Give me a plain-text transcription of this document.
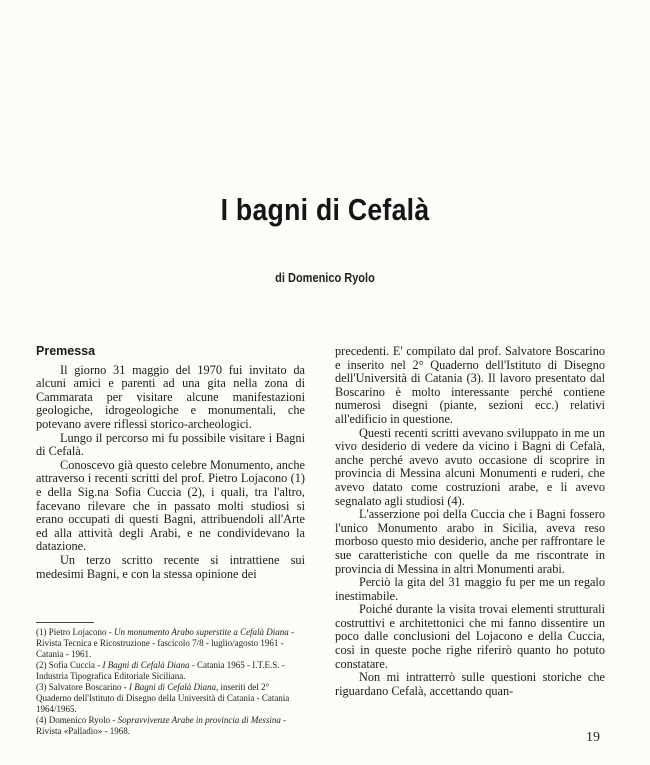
I bagni di Cefalà
di Domenico Ryolo
Premessa

Il giorno 31 maggio del 1970 fui invitato da alcuni amici e parenti ad una gita nella zona di Cammarata per visitare alcune manifestazioni geologiche, idrogeologiche e monumentali, che potevano avere riflessi storico-archeologici.

Lungo il percorso mi fu possibile visitare i Bagni di Cefalà.

Conoscevo già questo celebre Monumento, anche attraverso i recenti scritti del prof. Pietro Lojacono (1) e della Sig.na Sofia Cuccia (2), i quali, tra l'altro, facevano rilevare che in passato molti studiosi si erano occupati di questi Bagni, attribuendoli all'Arte ed alla attività degli Arabi, e ne condividevano la datazione.

Un terzo scritto recente si intrattiene sui medesimi Bagni, e con la stessa opinione dei

(1) Pietro Lojacono - Un monumento Arabo superstite a Cefalà Diana - Rivista Tecnica e Ricostruzione - fascicolo 7/8 - luglio/agosto 1961 - Catania - 1961.

(2) Sofia Cuccia - I Bagni di Cefalà Diana - Catania 1965 - I.T.E.S. - Industria Tipografica Editoriale Siciliana.

(3) Salvatore Boscarino - I Bagni di Cefalà Diana, inseriti del 2° Quaderno dell'Istituto di Disegno della Università di Catania - Catania 1964/1965.

(4) Domenico Ryolo - Sopravvivenze Arabe in provincia di Messina - Rivista «Palladio» - 1968.

precedenti. E' compilato dal prof. Salvatore Boscarino e inserito nel 2° Quaderno dell'Istituto di Disegno dell'Università di Catania (3). Il lavoro presentato dal Boscarino è molto interessante perché contiene numerosi disegni (piante, sezioni ecc.) relativi all'edificio in questione.

Questi recenti scritti avevano sviluppato in me un vivo desiderio di vedere da vicino i Bagni di Cefalà, anche perché avevo avuto occasione di scoprire in provincia di Messina alcuni Monumenti e ruderi, che avevo datato come costruzioni arabe, e li avevo segnalato agli studiosi (4).

L'asserzione poi della Cuccia che i Bagni fossero l'unico Monumento arabo in Sicilia, aveva reso morboso questo mio desiderio, anche per raffrontare le sue caratteristiche con quelle da me riscontrate in provincia di Messina in altri Monumenti arabi.

Perciò la gita del 31 maggio fu per me un regalo inestimabile.

Poiché durante la visita trovai elementi strutturali costruttivi e architettonici che mi fanno dissentire un poco dalle conclusioni del Lojacono e della Cuccia, così in queste poche righe riferirò quanto ho potuto constatare.

Non mi intratterrò sulle questioni storiche che riguardano Cefalà, accettando quan-

19
